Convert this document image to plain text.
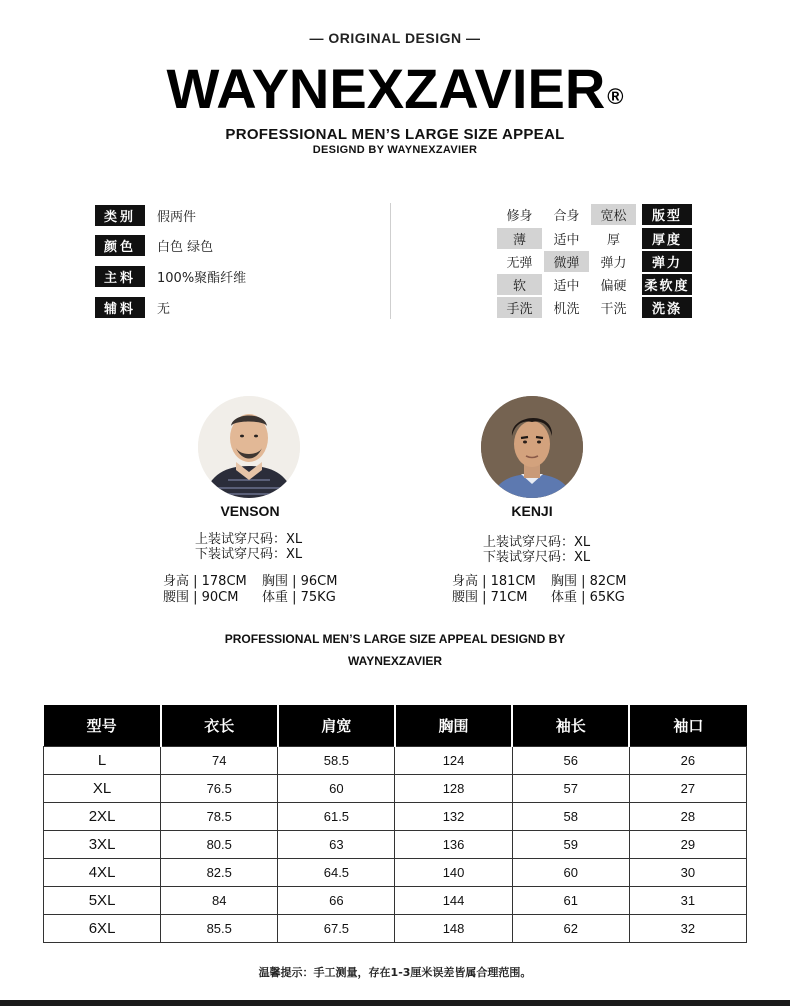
— ORIGINAL DESIGN —
WAYNEXZAVIER®
PROFESSIONAL MEN’S LARGE SIZE APPEAL
DESIGND BY WAYNEXZAVIER
类别	假两件
颜色	白色 绿色
主料	100%聚酯纤维
辅料	无
修身	合身	宽松	版型
薄	适中	厚	厚度
无弹	微弹	弹力	弹力
软	适中	偏硬	柔软度
手洗	机洗	干洗	洗涤
VENSON
上装试穿尺码：XL
下装试穿尺码：XL
身高 | 178CM 胸围 | 96CM
腰围 | 90CM 体重 | 75KG
KENJI
上装试穿尺码：XL
下装试穿尺码：XL
身高 | 181CM 胸围 | 82CM
腰围 | 71CM 体重 | 65KG
PROFESSIONAL MEN’S LARGE SIZE APPEAL DESIGND BY
WAYNEXZAVIER
型号	衣长	肩宽	胸围	袖长	袖口
L	74	58.5	124	56	26
XL	76.5	60	128	57	27
2XL	78.5	61.5	132	58	28
3XL	80.5	63	136	59	29
4XL	82.5	64.5	140	60	30
5XL	84	66	144	61	31
6XL	85.5	67.5	148	62	32
温馨提示：手工测量，存在1-3厘米误差皆属合理范围。
